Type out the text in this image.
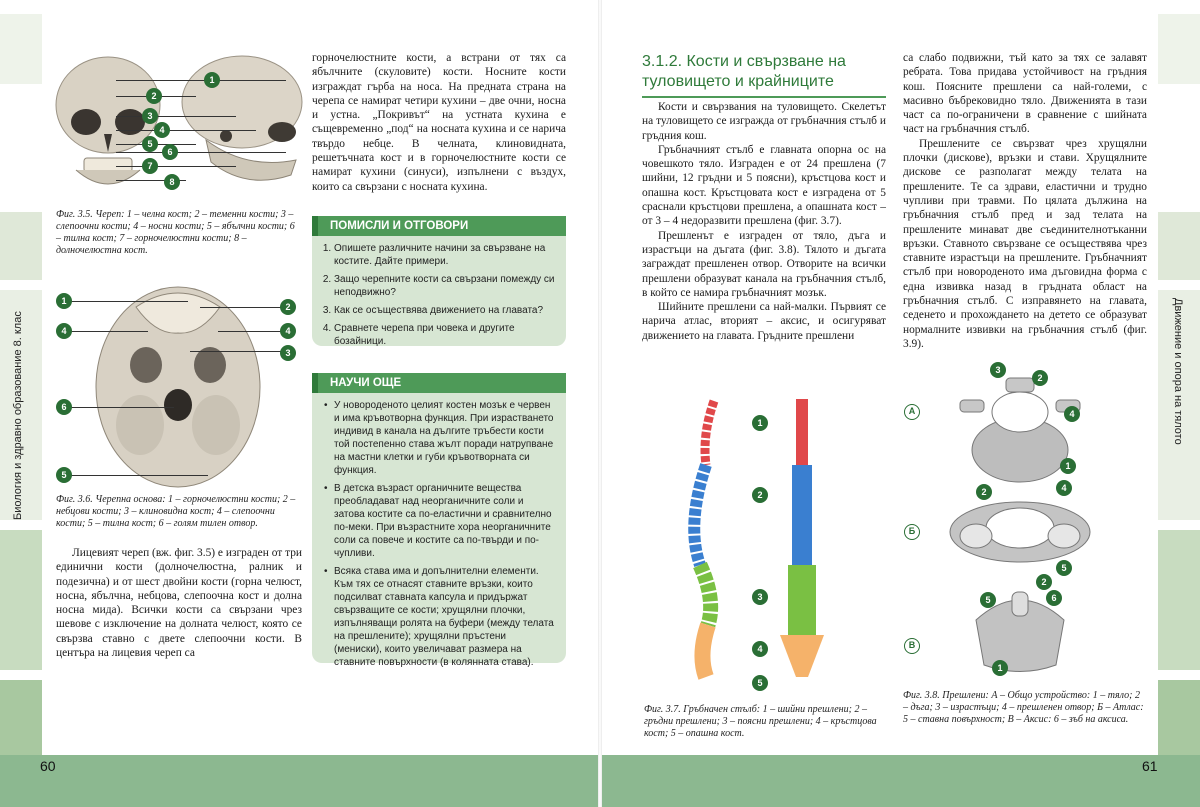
60	61
Биология и здравно образование 8. клас	Движение и опора на тялото
1
2
3
4
5
6
7
8
Фиг. 3.5. Череп: 1 – челна кост; 2 – теменни кости; 3 – слепоочни кости; 4 – носни кости; 5 – ябълчни кости; 6 – тилна кост; 7 – горночелюстни кости; 8 – долночелюстна кост.
1
2
4	4
3
6
5
Фиг. 3.6. Черепна основа: 1 – горночелюстни кости; 2 – небцови кости; 3 – клиновидна кост; 4 – слепоочни кости; 5 – тилна кост; 6 – голям тилен отвор.

Лицевият череп (вж. фиг. 3.5) е изграден от три единични кости (долночелюстна, ралник и подезична) и от шест двойни кости (горна челюст, носна, ябълчна, небцова, слепоочна кост и долна носна мида). Всички кости са свързани чрез шевове с изключение на долната челюст, която се свързва ставно с двете слепоочни кости. В центъра на лицевия череп са

горночелюстните кости, а встрани от тях са ябълчните (скуловите) кости. Носните кости изграждат гърба на носа. На предната страна на черепа се намират четири кухини – две очни, носна и устна. „Покривът“ на устната кухина е същевременно „под“ на носната кухина и се нарича твърдо небце. В челната, клиновидната, решетъчната кост и в горночелюстните кости се намират кухини (синуси), изпълнени с въздух, които са свързани с носната кухина.

ПОМИСЛИ И ОТГОВОРИ
1. Опишете различните начини за свързване на костите. Дайте примери.
2. Защо черепните кости са свързани помежду си неподвижно?
3. Как се осъществява движението на главата?
4. Сравнете черепа при човека и другите бозайници.
НАУЧИ ОЩЕ
• У новороденото целият костен мозък е червен и има кръвотворна функция. При израстването индивид в канала на дългите тръбести кости той постепенно става жълт поради натрупване на мастни клетки и губи кръвотворната си функция.
• В детска възраст органичните вещества преобладават над неорганичните соли и затова костите са по-еластични и сравнително по-меки. При възрастните хора неорганичните соли са повече и костите са по-твърди и по-чупливи.
• Всяка става има и допълнителни елементи. Към тях се отнасят ставните връзки, които подсилват ставната капсула и придържат свързващите се кости; хрущялни плочки, изпълняващи ролята на буфери (между телата на прешлените); хрущялни пръстени (мениски), които увеличават размера на ставните повърхности (в колянната става).
3.1.2. Кости и свързване на туловището и крайниците

Кости и свързвания на туловището. Скелетът на туловището се изгражда от гръбначния стълб и гръдния кош.

Гръбначният стълб е главната опорна ос на човешкото тяло. Изграден е от 24 прешлена (7 шийни, 12 гръдни и 5 поясни), кръстцова кост и опашна кост. Кръстцовата кост е изградена от 5 сраснали кръстцови прешлена, а опашната кост – от 3 – 4 недоразвити прешлена (фиг. 3.7).

Прешленът е изграден от тяло, дъга и израстъци на дъгата (фиг. 3.8). Тялото и дъгата заграждат прешленен отвор. Отворите на всички прешлени образуват канала на гръбначния стълб, в който се намира гръбначният мозък.

Шийните прешлени са най-малки. Първият се нарича атлас, вторият – аксис, и осигуряват движението на главата. Гръдните прешлени

са слабо подвижни, тъй като за тях се залавят ребрата. Това придава устойчивост на гръдния кош. Поясните прешлени са най-големи, с масивно бъбрековидно тяло. Движенията в тази част са по-ограничени в сравнение с шийната част на гръбначния стълб.

Прешлените се свързват чрез хрущялни плочки (дискове), връзки и стави. Хрущялните дискове се разполагат между телата на прешлените. Те са здрави, еластични и трудно чупливи при травми. По цялата дължина на гръбначния стълб пред и зад телата на прешлените минават две съединителнотъканни връзки. Ставното свързване се осъществява чрез ставните израстъци на прешлените. Гръбначният стълб при новороденото има дъговидна форма с една извивка назад в гръдната област на гръбначния стълб. С изправянето на главата, седенето и прохождането на детето се образуват нормалните извивки на гръбначния стълб (фиг. 3.9).

1
2
3
4
5
Фиг. 3.7. Гръбначен стълб: 1 – шийни прешлени; 2 – гръдни прешлени; 3 – поясни прешлени; 4 – кръстцова кост; 5 – опашна кост.
А
Б
В
3
2
4
1
2	4
2
5
5	6
1
Фиг. 3.8. Прешлени: А – Общо устройство: 1 – тяло; 2 – дъга; 3 – израстъци; 4 – прешленен отвор; Б – Атлас: 5 – ставна повърхност; В – Аксис: 6 – зъб на аксиса.
